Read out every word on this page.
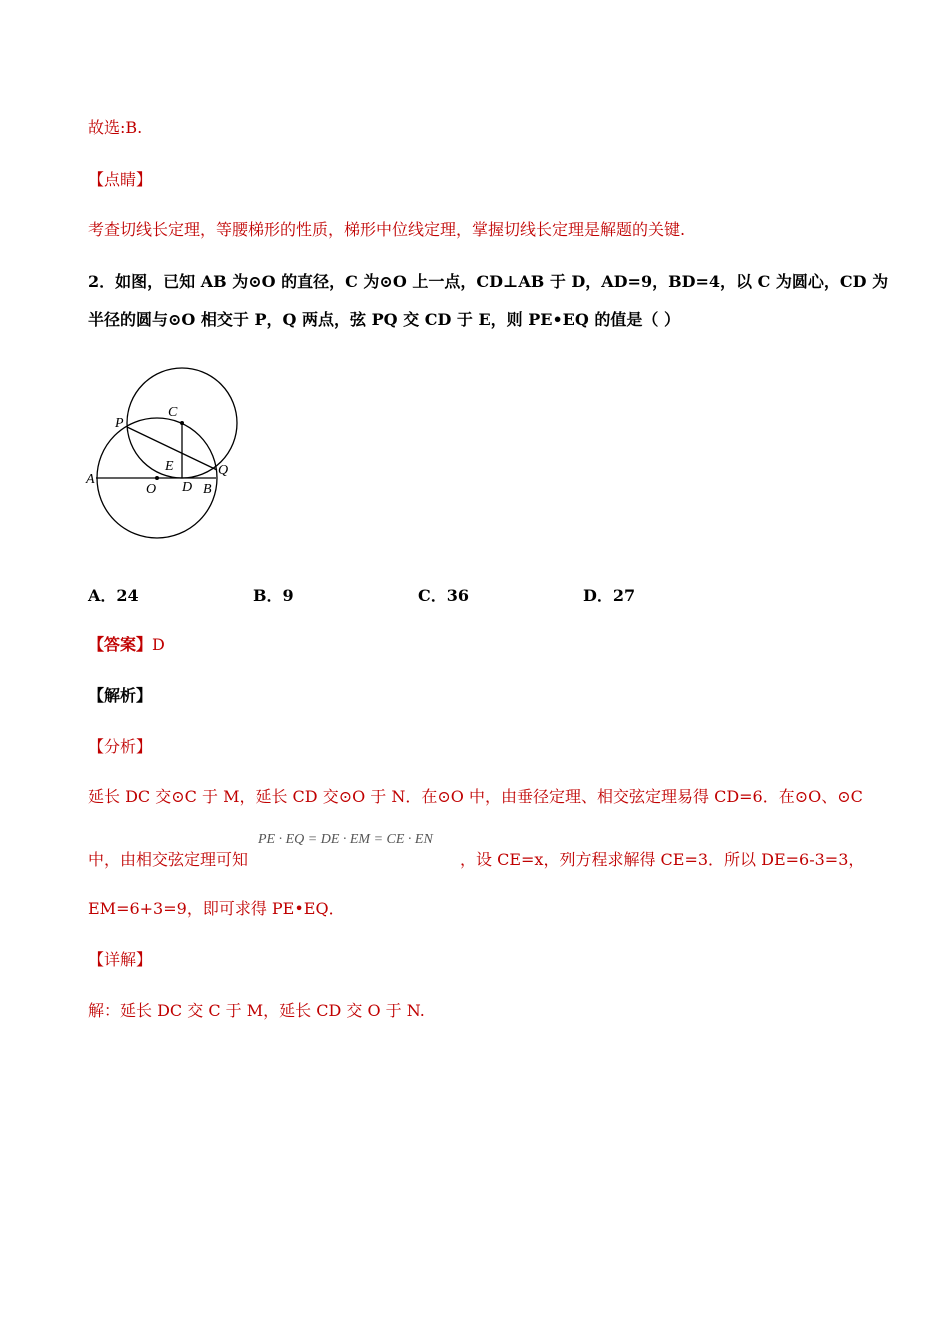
故选:B.
【点睛】
考查切线长定理，等腰梯形的性质，梯形中位线定理，掌握切线长定理是解题的关键.
2．如图，已知 AB 为⊙O 的直径，C 为⊙O 上一点，CD⊥AB 于 D，AD=9，BD=4，以 C 为圆心，CD 为
半径的圆与⊙O 相交于 P，Q 两点，弦 PQ 交 CD 于 E，则 PE•EQ 的值是（ ）
P
C
E	Q
A
O D B
A．24	B．9	C．36	D．27
【答案】D
【解析】
【分析】
延长 DC 交⊙C 于 M，延长 CD 交⊙O 于 N．在⊙O 中，由垂径定理、相交弦定理易得 CD=6．在⊙O、⊙C
PE · EQ = DE · EM = CE · EN
中，由相交弦定理可知	，设 CE=x，列方程求解得 CE=3．所以 DE=6-3=3，
EM=6+3=9，即可求得 PE•EQ．
【详解】
解：延长 DC 交 C 于 M，延长 CD 交 O 于 N.
